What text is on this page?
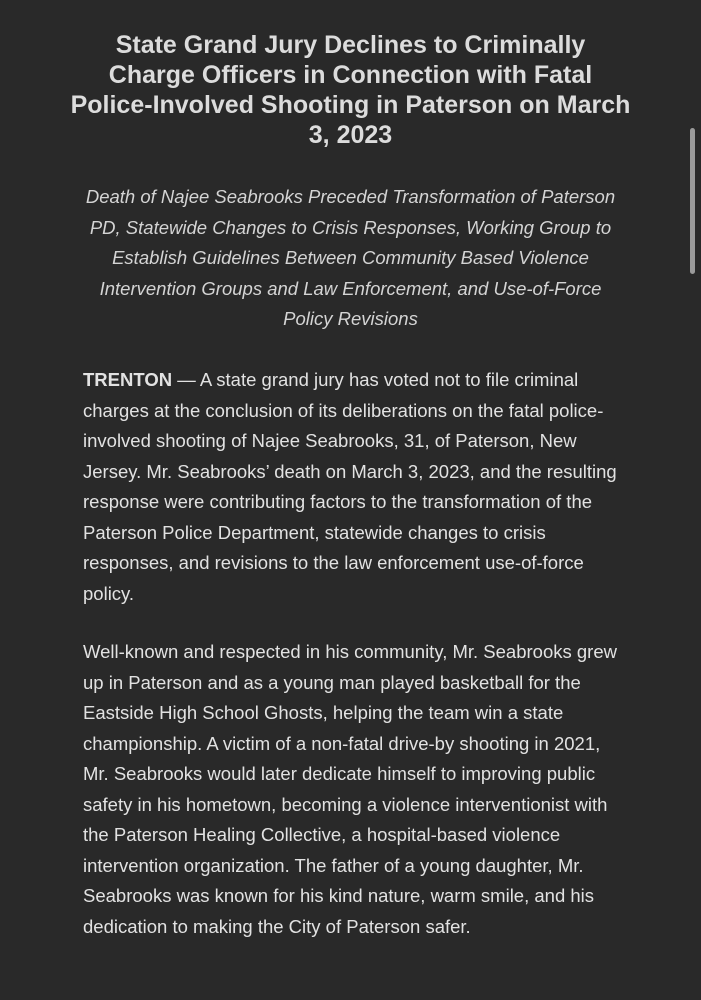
State Grand Jury Declines to Criminally Charge Officers in Connection with Fatal Police-Involved Shooting in Paterson on March 3, 2023

Death of Najee Seabrooks Preceded Transformation of Paterson PD, Statewide Changes to Crisis Responses, Working Group to Establish Guidelines Between Community Based Violence Intervention Groups and Law Enforcement, and Use-of-Force Policy Revisions

TRENTON — A state grand jury has voted not to file criminal charges at the conclusion of its deliberations on the fatal police-involved shooting of Najee Seabrooks, 31, of Paterson, New Jersey. Mr. Seabrooks’ death on March 3, 2023, and the resulting response were contributing factors to the transformation of the Paterson Police Department, statewide changes to crisis responses, and revisions to the law enforcement use-of-force policy.

Well-known and respected in his community, Mr. Seabrooks grew up in Paterson and as a young man played basketball for the Eastside High School Ghosts, helping the team win a state championship. A victim of a non-fatal drive-by shooting in 2021, Mr. Seabrooks would later dedicate himself to improving public safety in his hometown, becoming a violence interventionist with the Paterson Healing Collective, a hospital-based violence intervention organization. The father of a young daughter, Mr. Seabrooks was known for his kind nature, warm smile, and his dedication to making the City of Paterson safer.
